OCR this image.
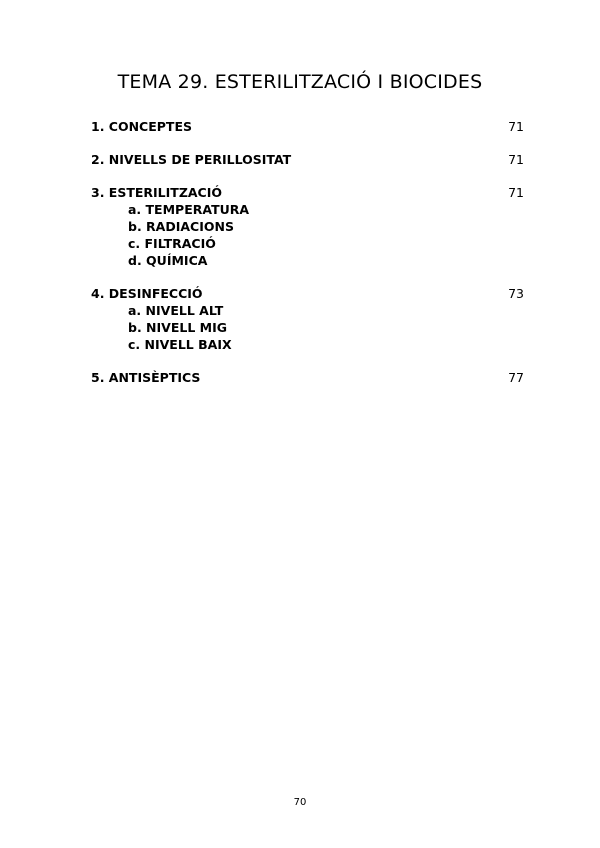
TEMA 29. ESTERILITZACIÓ I BIOCIDES
1. CONCEPTES	71
2. NIVELLS DE PERILLOSITAT	71
3. ESTERILITZACIÓ	71
a. TEMPERATURA
b. RADIACIONS
c. FILTRACIÓ
d. QUÍMICA
4. DESINFECCIÓ	73
a. NIVELL ALT
b. NIVELL MIG
c. NIVELL BAIX
5. ANTISÈPTICS	77
70
